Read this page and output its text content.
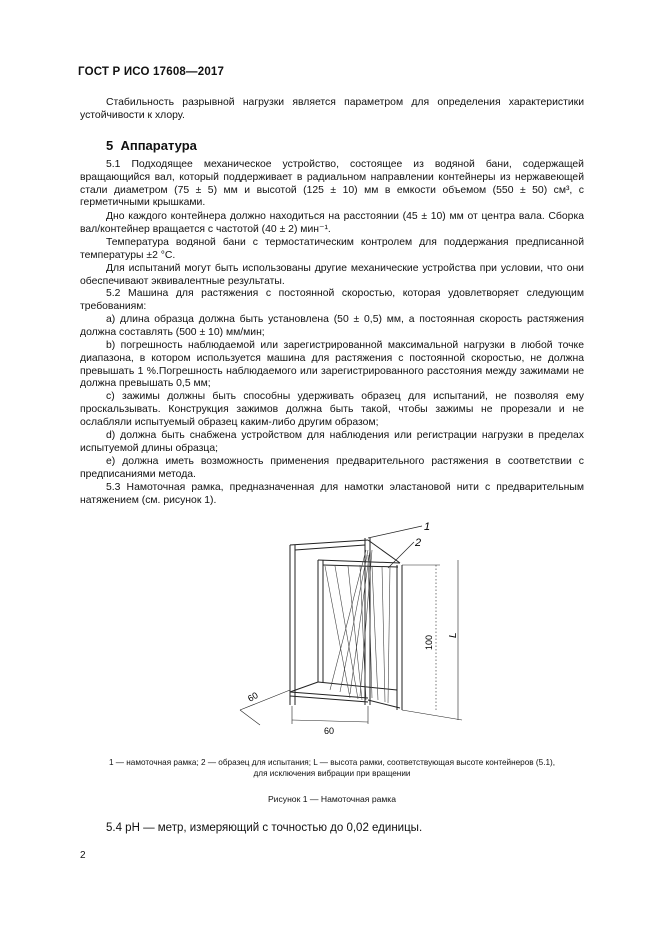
ГОСТ Р ИСО 17608—2017
Стабильность разрывной нагрузки является параметром для определения характеристики устойчивости к хлору.
5 Аппаратура
5.1 Подходящее механическое устройство, состоящее из водяной бани, содержащей вращающийся вал, который поддерживает в радиальном направлении контейнеры из нержавеющей стали диаметром (75 ± 5) мм и высотой (125 ± 10) мм в емкости объемом (550 ± 50) см³, с герметичными крышками.
Дно каждого контейнера должно находиться на расстоянии (45 ± 10) мм от центра вала. Сборка вал/контейнер вращается с частотой (40 ± 2) мин⁻¹.
Температура водяной бани с термостатическим контролем для поддержания предписанной температуры ±2 °С.
Для испытаний могут быть использованы другие механические устройства при условии, что они обеспечивают эквивалентные результаты.
5.2 Машина для растяжения с постоянной скоростью, которая удовлетворяет следующим требованиям:
a) длина образца должна быть установлена (50 ± 0,5) мм, а постоянная скорость растяжения должна составлять (500 ± 10) мм/мин;
b) погрешность наблюдаемой или зарегистрированной максимальной нагрузки в любой точке диапазона, в котором используется машина для растяжения с постоянной скоростью, не должна превышать 1 %.Погрешность наблюдаемого или зарегистрированного расстояния между зажимами не должна превышать 0,5 мм;
c) зажимы должны быть способны удерживать образец для испытаний, не позволяя ему проскальзывать. Конструкция зажимов должна быть такой, чтобы зажимы не прорезали и не ослабляли испытуемый образец каким-либо другим образом;
d) должна быть снабжена устройством для наблюдения или регистрации нагрузки в пределах испытуемой длины образца;
e) должна иметь возможность применения предварительного растяжения в соответствии с предписаниями метода.
5.3 Намоточная рамка, предназначенная для намотки эластановой нити с предварительным натяжением (см. рисунок 1).
1
2
100 L
60
60
1 — намоточная рамка; 2 — образец для испытания; L — высота рамки, соответствующая высоте контейнеров (5.1),
для исключения вибрации при вращении
Рисунок 1 — Намоточная рамка
5.4 рН — метр, измеряющий с точностью до 0,02 единицы.
2
